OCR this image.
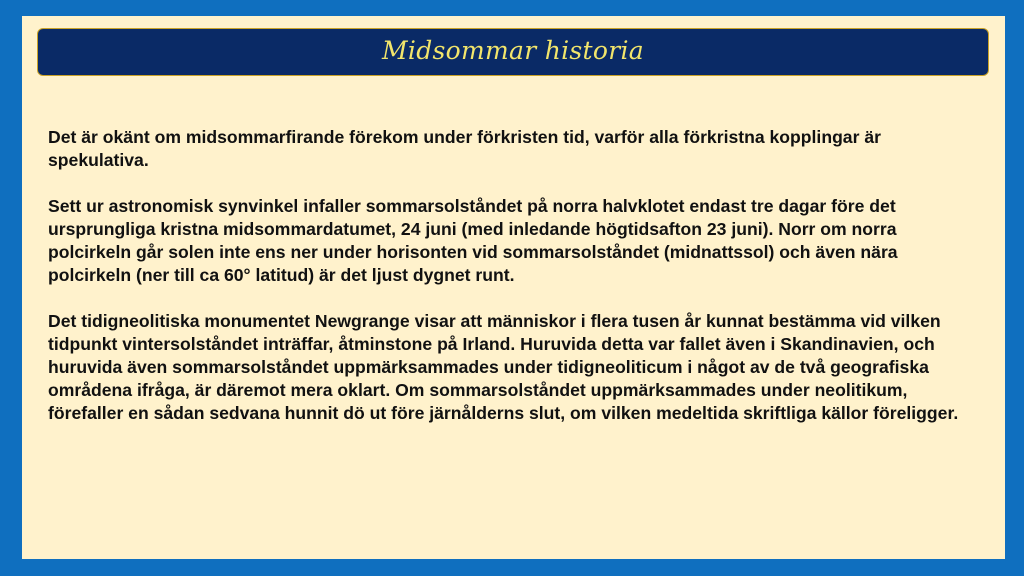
Midsommar historia

Det är okänt om midsommarfirande förekom under förkristen tid, varför alla förkristna kopplingar är spekulativa.

Sett ur astronomisk synvinkel infaller sommarsolståndet på norra halvklotet endast tre dagar före det ursprungliga kristna midsommardatumet, 24 juni (med inledande högtidsafton 23 juni). Norr om norra polcirkeln går solen inte ens ner under horisonten vid sommarsolståndet (midnattssol) och även nära polcirkeln (ner till ca 60° latitud) är det ljust dygnet runt.

Det tidigneolitiska monumentet Newgrange visar att människor i flera tusen år kunnat bestämma vid vilken tidpunkt vintersolståndet inträffar, åtminstone på Irland. Huruvida detta var fallet även i Skandinavien, och huruvida även sommarsolståndet uppmärksammades under tidigneoliticum i något av de två geografiska områdena ifråga, är däremot mera oklart. Om sommarsolståndet uppmärksammades under neolitikum, förefaller en sådan sedvana hunnit dö ut före järnålderns slut, om vilken medeltida skriftliga källor föreligger.
